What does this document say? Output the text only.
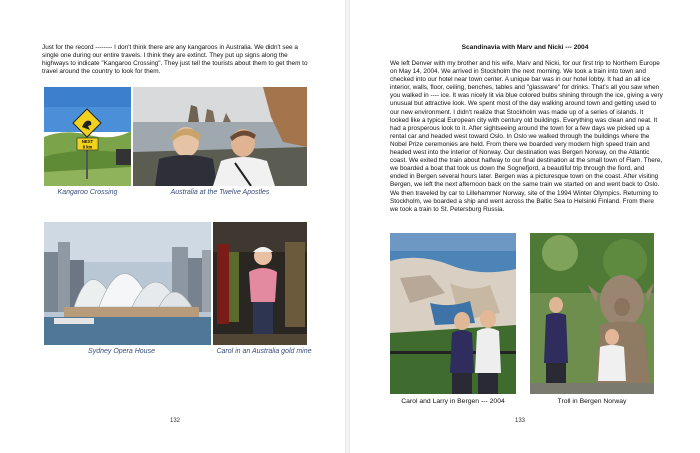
Just for the record -------- I don't think there are any kangaroos in Australia. We didn't see a single one during our entire travels. I think they are extinct. They put up signs along the highways to indicate "Kangaroo Crossing". They just tell the tourists about them to get them to travel around the country to look for them.

NEXT
8 km

Kangaroo Crossing	Australia at the Twelve Apostles

Sydney Opera House	Carol in an Australia gold mine

132

Scandinavia with Marv and Nicki --- 2004

We left Denver with my brother and his wife, Marv and Nicki, for our first trip to Northern Europe on May 14, 2004. We arrived in Stockholm the next morning. We took a train into town and checked into our hotel near town center. A unique bar was in our hotel lobby. It had an all ice interior, walls, floor, ceiling, benches, tables and "glassware" for drinks. That's all you saw when you walked in ---- ice. It was nicely lit via blue colored bulbs shining through the ice, giving a very unusual but attractive look. We spent most of the day walking around town and getting used to our new environment. I didn't realize that Stockholm was made up of a series of islands. It looked like a typical European city with century old buildings. Everything was clean and neat. It had a prosperous look to it. After sightseeing around the town for a few days we picked up a rental car and headed west toward Oslo. In Oslo we walked through the buildings where the Nobel Prize ceremonies are held. From there we boarded very modern high speed train and headed west into the interior of Norway. Our destination was Bergen Norway, on the Atlantic coast. We exited the train about halfway to our final destination at the small town of Flam. There, we boarded a boat that took us down the Sognefjord, a beautiful trip through the fiord, and ended in Bergen several hours later. Bergen was a picturesque town on the coast. After visiting Bergen, we left the next afternoon back on the same train we started on and went back to Oslo. We then traveled by car to Lillehammer Norway, site of the 1994 Winter Olympics. Returning to Stockholm, we boarded a ship and went across the Baltic Sea to Helsinki Finland. From there we took a train to St. Petersburg Russia.

Carol and Larry in Bergen --- 2004	Troll in Bergen Norway

133
